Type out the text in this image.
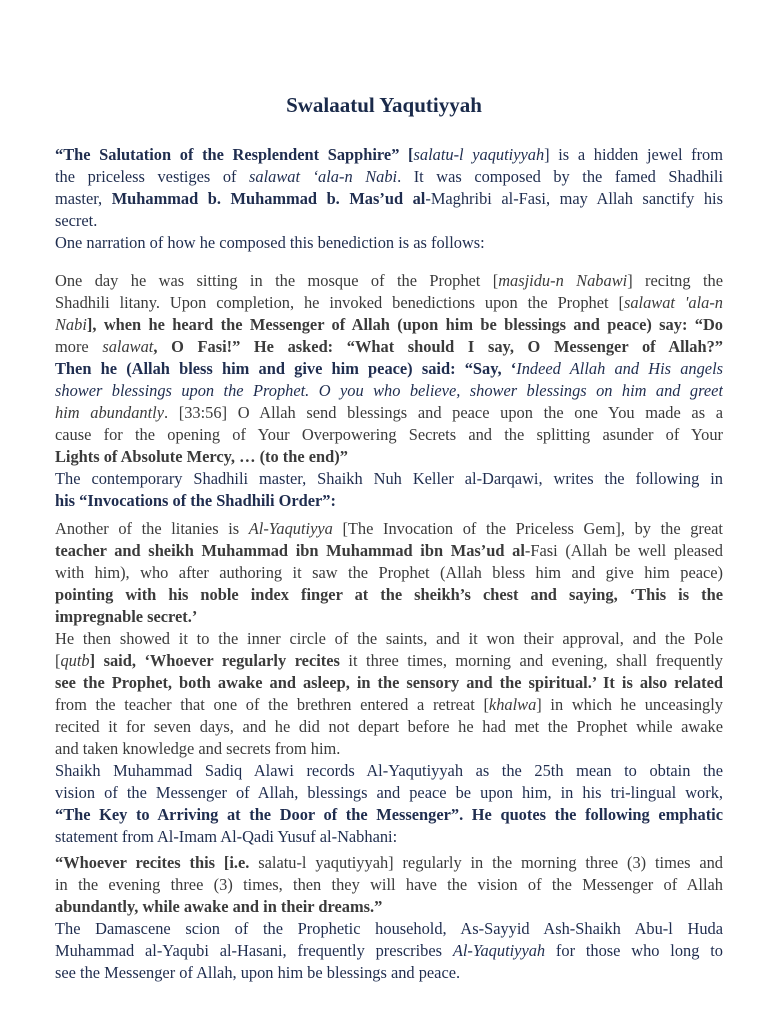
Swalaatul Yaqutiyyah
“The Salutation of the Resplendent Sapphire” [salatu-l yaqutiyyah] is a hidden jewel from
the priceless vestiges of salawat ‘ala-n Nabi. It was composed by the famed Shadhili
master, Muhammad b. Muhammad b. Mas’ud al-Maghribi al-Fasi, may Allah sanctify his
secret.
One narration of how he composed this benediction is as follows:
One day he was sitting in the mosque of the Prophet [masjidu-n Nabawi] recitng the
Shadhili litany. Upon completion, he invoked benedictions upon the Prophet [salawat 'ala-n
Nabi], when he heard the Messenger of Allah (upon him be blessings and peace) say: “Do
more salawat, O Fasi!” He asked: “What should I say, O Messenger of Allah?”
Then he (Allah bless him and give him peace) said: “Say, ‘Indeed Allah and His angels
shower blessings upon the Prophet. O you who believe, shower blessings on him and greet
him abundantly. [33:56] O Allah send blessings and peace upon the one You made as a
cause for the opening of Your Overpowering Secrets and the splitting asunder of Your
Lights of Absolute Mercy, … (to the end)”
The contemporary Shadhili master, Shaikh Nuh Keller al-Darqawi, writes the following in
his “Invocations of the Shadhili Order”:
Another of the litanies is Al-Yaqutiyya [The Invocation of the Priceless Gem], by the great
teacher and sheikh Muhammad ibn Muhammad ibn Mas’ud al-Fasi (Allah be well pleased
with him), who after authoring it saw the Prophet (Allah bless him and give him peace)
pointing with his noble index finger at the sheikh’s chest and saying, ‘This is the
impregnable secret.’
He then showed it to the inner circle of the saints, and it won their approval, and the Pole
[qutb] said, ‘Whoever regularly recites it three times, morning and evening, shall frequently
see the Prophet, both awake and asleep, in the sensory and the spiritual.’ It is also related
from the teacher that one of the brethren entered a retreat [khalwa] in which he unceasingly
recited it for seven days, and he did not depart before he had met the Prophet while awake
and taken knowledge and secrets from him.
Shaikh Muhammad Sadiq Alawi records Al-Yaqutiyyah as the 25th mean to obtain the
vision of the Messenger of Allah, blessings and peace be upon him, in his tri-lingual work,
“The Key to Arriving at the Door of the Messenger”. He quotes the following emphatic
statement from Al-Imam Al-Qadi Yusuf al-Nabhani:
“Whoever recites this [i.e. salatu-l yaqutiyyah] regularly in the morning three (3) times and
in the evening three (3) times, then they will have the vision of the Messenger of Allah
abundantly, while awake and in their dreams.”
The Damascene scion of the Prophetic household, As-Sayyid Ash-Shaikh Abu-l Huda
Muhammad al-Yaqubi al-Hasani, frequently prescribes Al-Yaqutiyyah for those who long to
see the Messenger of Allah, upon him be blessings and peace.
